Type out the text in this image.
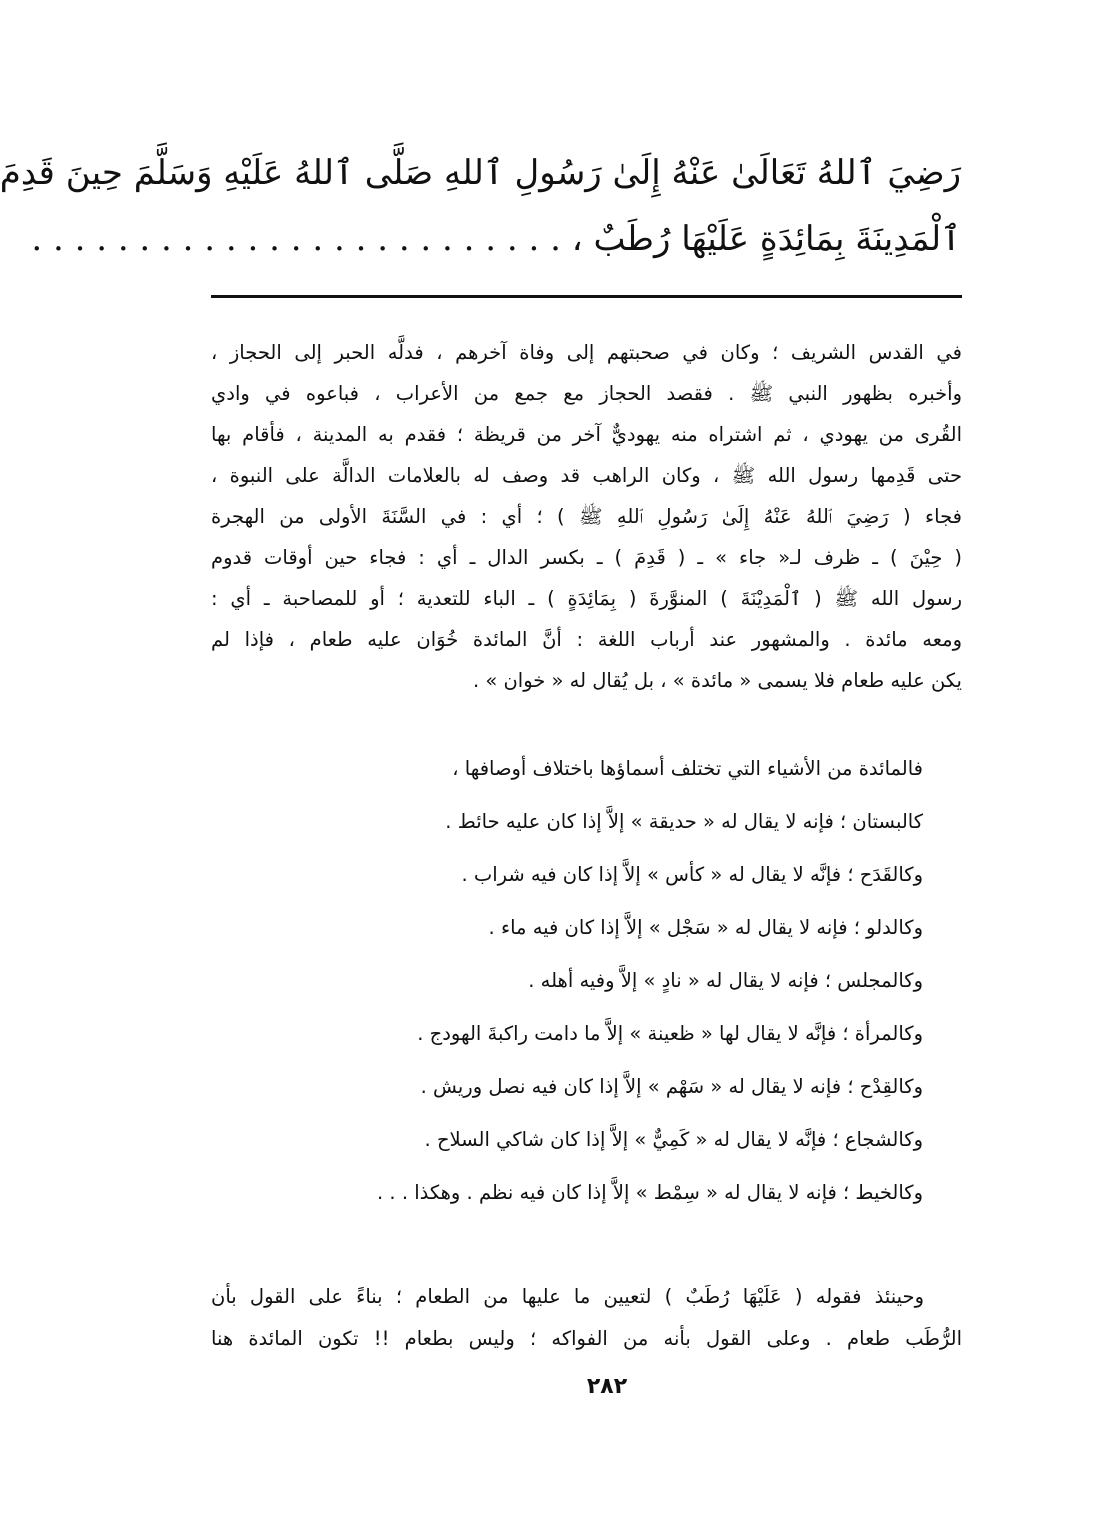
رَضِيَ ٱللهُ تَعَالَىٰ عَنْهُ إِلَىٰ رَسُولِ ٱللهِ صَلَّى ٱللهُ عَلَيْهِ وَسَلَّمَ حِينَ قَدِمَ
ٱلْمَدِينَةَ بِمَائِدَةٍ عَلَيْهَا رُطَبٌ ، . . . . . . . . . . . . . . . . . . . . . . . . .
في القدس الشريف ؛ وكان في صحبتهم إلى وفاة آخرهم ، فدلَّه الحبر إلى الحجاز ،
وأخبره بظهور النبي ﷺ . فقصد الحجاز مع جمع من الأعراب ، فباعوه في وادي
القُرى من يهودي ، ثم اشتراه منه يهوديٌّ آخر من قريظة ؛ فقدم به المدينة ، فأقام بها
حتى قَدِمها رسول الله ﷺ ، وكان الراهب قد وصف له بالعلامات الدالَّة على النبوة ،
فجاء ( رَضِيَ ٱللهُ عَنْهُ إِلَىٰ رَسُولِ ٱللهِ ﷺ ) ؛ أي : في السَّنَةَ الأولى من الهجرة
( حِيْنَ ) ـ ظرف لـ« جاء » ـ ( قَدِمَ ) ـ بكسر الدال ـ أي : فجاء حين أوقات قدوم
رسول الله ﷺ ( ٱلْمَدِيْنَةَ ) المنوَّرةَ ( بِمَائِدَةٍ ) ـ الباء للتعدية ؛ أو للمصاحبة ـ أي :
ومعه مائدة . والمشهور عند أرباب اللغة : أنَّ المائدة خُوَان عليه طعام ، فإذا لم
يكن عليه طعام فلا يسمى « مائدة » ، بل يُقال له « خوان » .
فالمائدة من الأشياء التي تختلف أسماؤها باختلاف أوصافها ،
كالبستان ؛ فإنه لا يقال له « حديقة » إلاَّ إذا كان عليه حائط .
وكالقَدَح ؛ فإنَّه لا يقال له « كأس » إلاَّ إذا كان فيه شراب .
وكالدلو ؛ فإنه لا يقال له « سَجْل » إلاَّ إذا كان فيه ماء .
وكالمجلس ؛ فإنه لا يقال له « نادٍ » إلاَّ وفيه أهله .
وكالمرأة ؛ فإنَّه لا يقال لها « ظعينة » إلاَّ ما دامت راكبةَ الهودج .
وكالقِدْح ؛ فإنه لا يقال له « سَهْم » إلاَّ إذا كان فيه نصل وريش .
وكالشجاع ؛ فإنَّه لا يقال له « كَمِيٌّ » إلاَّ إذا كان شاكي السلاح .
وكالخيط ؛ فإنه لا يقال له « سِمْط » إلاَّ إذا كان فيه نظم . وهكذا . . .
وحينئذ فقوله ( عَلَيْهَا رُطَبٌ ) لتعيين ما عليها من الطعام ؛ بناءً على القول بأن
الرُّطَب طعام . وعلى القول بأنه من الفواكه ؛ وليس بطعام !! تكون المائدة هنا
٢٨٢
